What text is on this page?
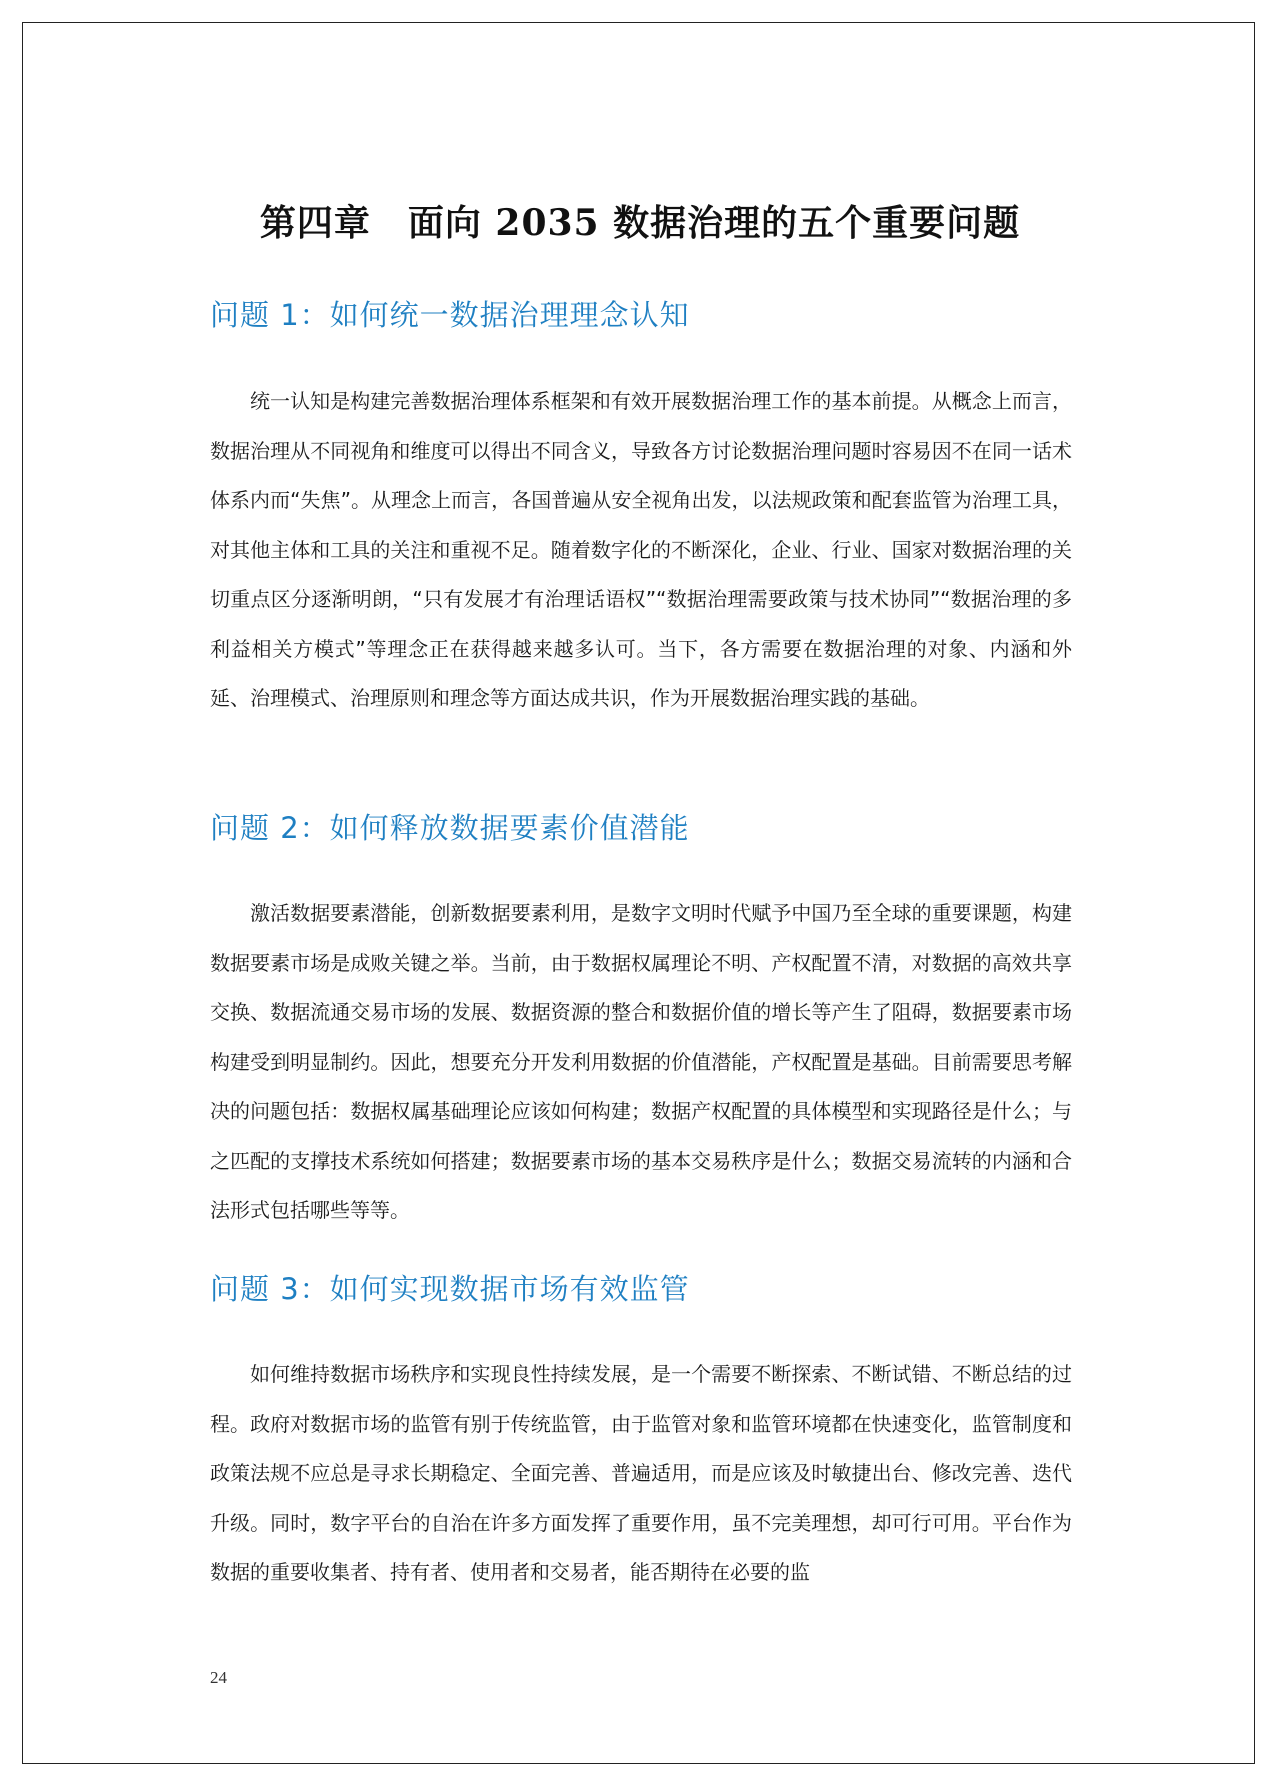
第四章　面向 2035 数据治理的五个重要问题
问题 1：如何统一数据治理理念认知
统一认知是构建完善数据治理体系框架和有效开展数据治理工作的基本前提。从概念上而言，数据治理从不同视角和维度可以得出不同含义，导致各方讨论数据治理问题时容易因不在同一话术体系内而“失焦”。从理念上而言，各国普遍从安全视角出发，以法规政策和配套监管为治理工具，对其他主体和工具的关注和重视不足。随着数字化的不断深化，企业、行业、国家对数据治理的关切重点区分逐渐明朗，“只有发展才有治理话语权”“数据治理需要政策与技术协同”“数据治理的多利益相关方模式”等理念正在获得越来越多认可。当下，各方需要在数据治理的对象、内涵和外延、治理模式、治理原则和理念等方面达成共识，作为开展数据治理实践的基础。
问题 2：如何释放数据要素价值潜能
激活数据要素潜能，创新数据要素利用，是数字文明时代赋予中国乃至全球的重要课题，构建数据要素市场是成败关键之举。当前，由于数据权属理论不明、产权配置不清，对数据的高效共享交换、数据流通交易市场的发展、数据资源的整合和数据价值的增长等产生了阻碍，数据要素市场构建受到明显制约。因此，想要充分开发利用数据的价值潜能，产权配置是基础。目前需要思考解决的问题包括：数据权属基础理论应该如何构建；数据产权配置的具体模型和实现路径是什么；与之匹配的支撑技术系统如何搭建；数据要素市场的基本交易秩序是什么；数据交易流转的内涵和合法形式包括哪些等等。
问题 3：如何实现数据市场有效监管
如何维持数据市场秩序和实现良性持续发展，是一个需要不断探索、不断试错、不断总结的过程。政府对数据市场的监管有别于传统监管，由于监管对象和监管环境都在快速变化，监管制度和政策法规不应总是寻求长期稳定、全面完善、普遍适用，而是应该及时敏捷出台、修改完善、迭代升级。同时，数字平台的自治在许多方面发挥了重要作用，虽不完美理想，却可行可用。平台作为数据的重要收集者、持有者、使用者和交易者，能否期待在必要的监
24
